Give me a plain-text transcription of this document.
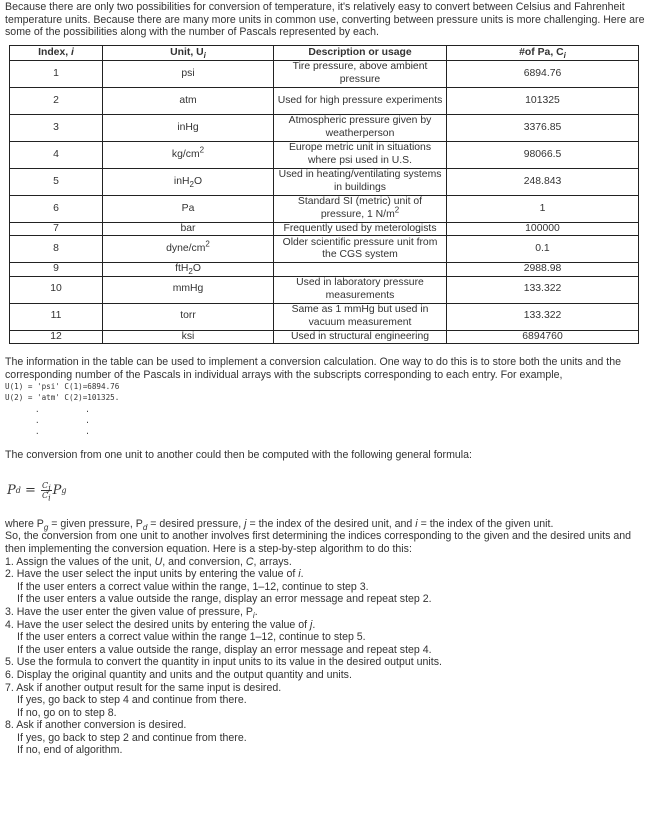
Because there are only two possibilities for conversion of temperature, it's relatively easy to convert between Celsius and Fahrenheit temperature units. Because there are many more units in common use, converting between pressure units is more challenging. Here are some of the possibilities along with the number of Pascals represented by each.

Index, i	Unit, $U_i$	Description or usage	#of Pa, $C_i$
1	psi	Tire pressure, above ambient pressure	6894.76
2	atm	Used for high pressure experiments	101325
3	inHg	Atmospheric pressure given by weatherperson	3376.85
4	$kg/cm^2$	Europe metric unit in situations where psi used in U.S.	98066.5
5	inH$_2$O	Used in heating/ventilating systems in buildings	248.843
6	Pa	Standard SI (metric) unit of pressure, 1 $N/m^2$	1
7	bar	Frequently used by meterologists	100000
8	dyne/$cm^2$	Older scientific pressure unit from the CGS system	0.1
9	ftH$_2$O		2988.98
10	mmHg	Used in laboratory pressure measurements	133.322
11	torr	Same as 1 mmHg but used in vacuum measurement	133.322
12	ksi	Used in structural engineering	6894760

The information in the table can be used to implement a conversion calculation. One way to do this is to store both the units and the corresponding number of the Pascals in individual arrays with the subscripts corresponding to each entry. For example,

U(1) = 'psi' C(1)=6894.76
U(2) = 'atm' C(2)=101325.
.          .
.          .
.          .

The conversion from one unit to another could then be computed with the following general formula:

P $d = \frac{C_j}{C_i}$ P g

where $P_g$ = given pressure, $P_d$ = desired pressure, j = the index of the desired unit, and i = the index of the given unit.

So, the conversion from one unit to another involves first determining the indices corresponding to the given and the desired units and then implementing the conversion equation. Here is a step-by-step algorithm to do this:

1. Assign the values of the unit, U, and conversion, C, arrays.
2. Have the user select the input units by entering the value of i.
If the user enters a correct value within the range, 1–12, continue to step 3.
If the user enters a value outside the range, display an error message and repeat step 2.
3. Have the user enter the given value of pressure, $P_i$.
4. Have the user select the desired units by entering the value of j.
If the user enters a correct value within the range 1–12, continue to step 5.
If the user enters a value outside the range, display an error message and repeat step 4.
5. Use the formula to convert the quantity in input units to its value in the desired output units.
6. Display the original quantity and units and the output quantity and units.
7. Ask if another output result for the same input is desired.
If yes, go back to step 4 and continue from there.
If no, go on to step 8.
8. Ask if another conversion is desired.
If yes, go back to step 2 and continue from there.
If no, end of algorithm.
